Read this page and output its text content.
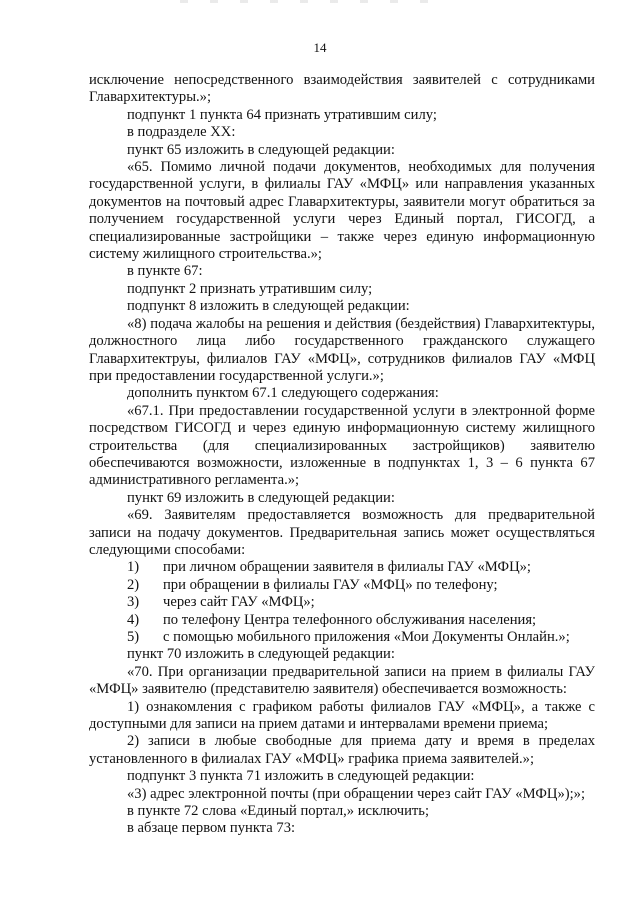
14

исключение непосредственного взаимодействия заявителей с сотрудниками Главархитектуры.»;

подпункт 1 пункта 64 признать утратившим силу;

в подразделе XX:

пункт 65 изложить в следующей редакции:

«65. Помимо личной подачи документов, необходимых для получения государственной услуги, в филиалы ГАУ «МФЦ» или направления указанных документов на почтовый адрес Главархитектуры, заявители могут обратиться за получением государственной услуги через Единый портал, ГИСОГД, а специализированные застройщики – также через единую информационную систему жилищного строительства.»;

в пункте 67:

подпункт 2 признать утратившим силу;

подпункт 8 изложить в следующей редакции:

«8) подача жалобы на решения и действия (бездействия) Главархитектуры, должностного лица либо государственного гражданского служащего Главархитектруы, филиалов ГАУ «МФЦ», сотрудников филиалов ГАУ «МФЦ при предоставлении государственной услуги.»;

дополнить пунктом 67.1 следующего содержания:

«67.1. При предоставлении государственной услуги в электронной форме посредством ГИСОГД и через единую информационную систему жилищного строительства (для специализированных застройщиков) заявителю обеспечиваются возможности, изложенные в подпунктах 1, 3 – 6 пункта 67 административного регламента.»;

пункт 69 изложить в следующей редакции:

«69. Заявителям предоставляется возможность для предварительной записи на подачу документов. Предварительная запись может осуществляться следующими способами:

1) при личном обращении заявителя в филиалы ГАУ «МФЦ»;

2) при обращении в филиалы ГАУ «МФЦ» по телефону;

3) через сайт ГАУ «МФЦ»;

4) по телефону Центра телефонного обслуживания населения;

5) с помощью мобильного приложения «Мои Документы Онлайн.»;

пункт 70 изложить в следующей редакции:

«70. При организации предварительной записи на прием в филиалы ГАУ «МФЦ» заявителю (представителю заявителя) обеспечивается возможность:

1) ознакомления с графиком работы филиалов ГАУ «МФЦ», а также с доступными для записи на прием датами и интервалами времени приема;

2) записи в любые свободные для приема дату и время в пределах установленного в филиалах ГАУ «МФЦ» графика приема заявителей.»;

подпункт 3 пункта 71 изложить в следующей редакции:

«3) адрес электронной почты (при обращении через сайт ГАУ «МФЦ»);»;

в пункте 72 слова «Единый портал,» исключить;

в абзаце первом пункта 73:
